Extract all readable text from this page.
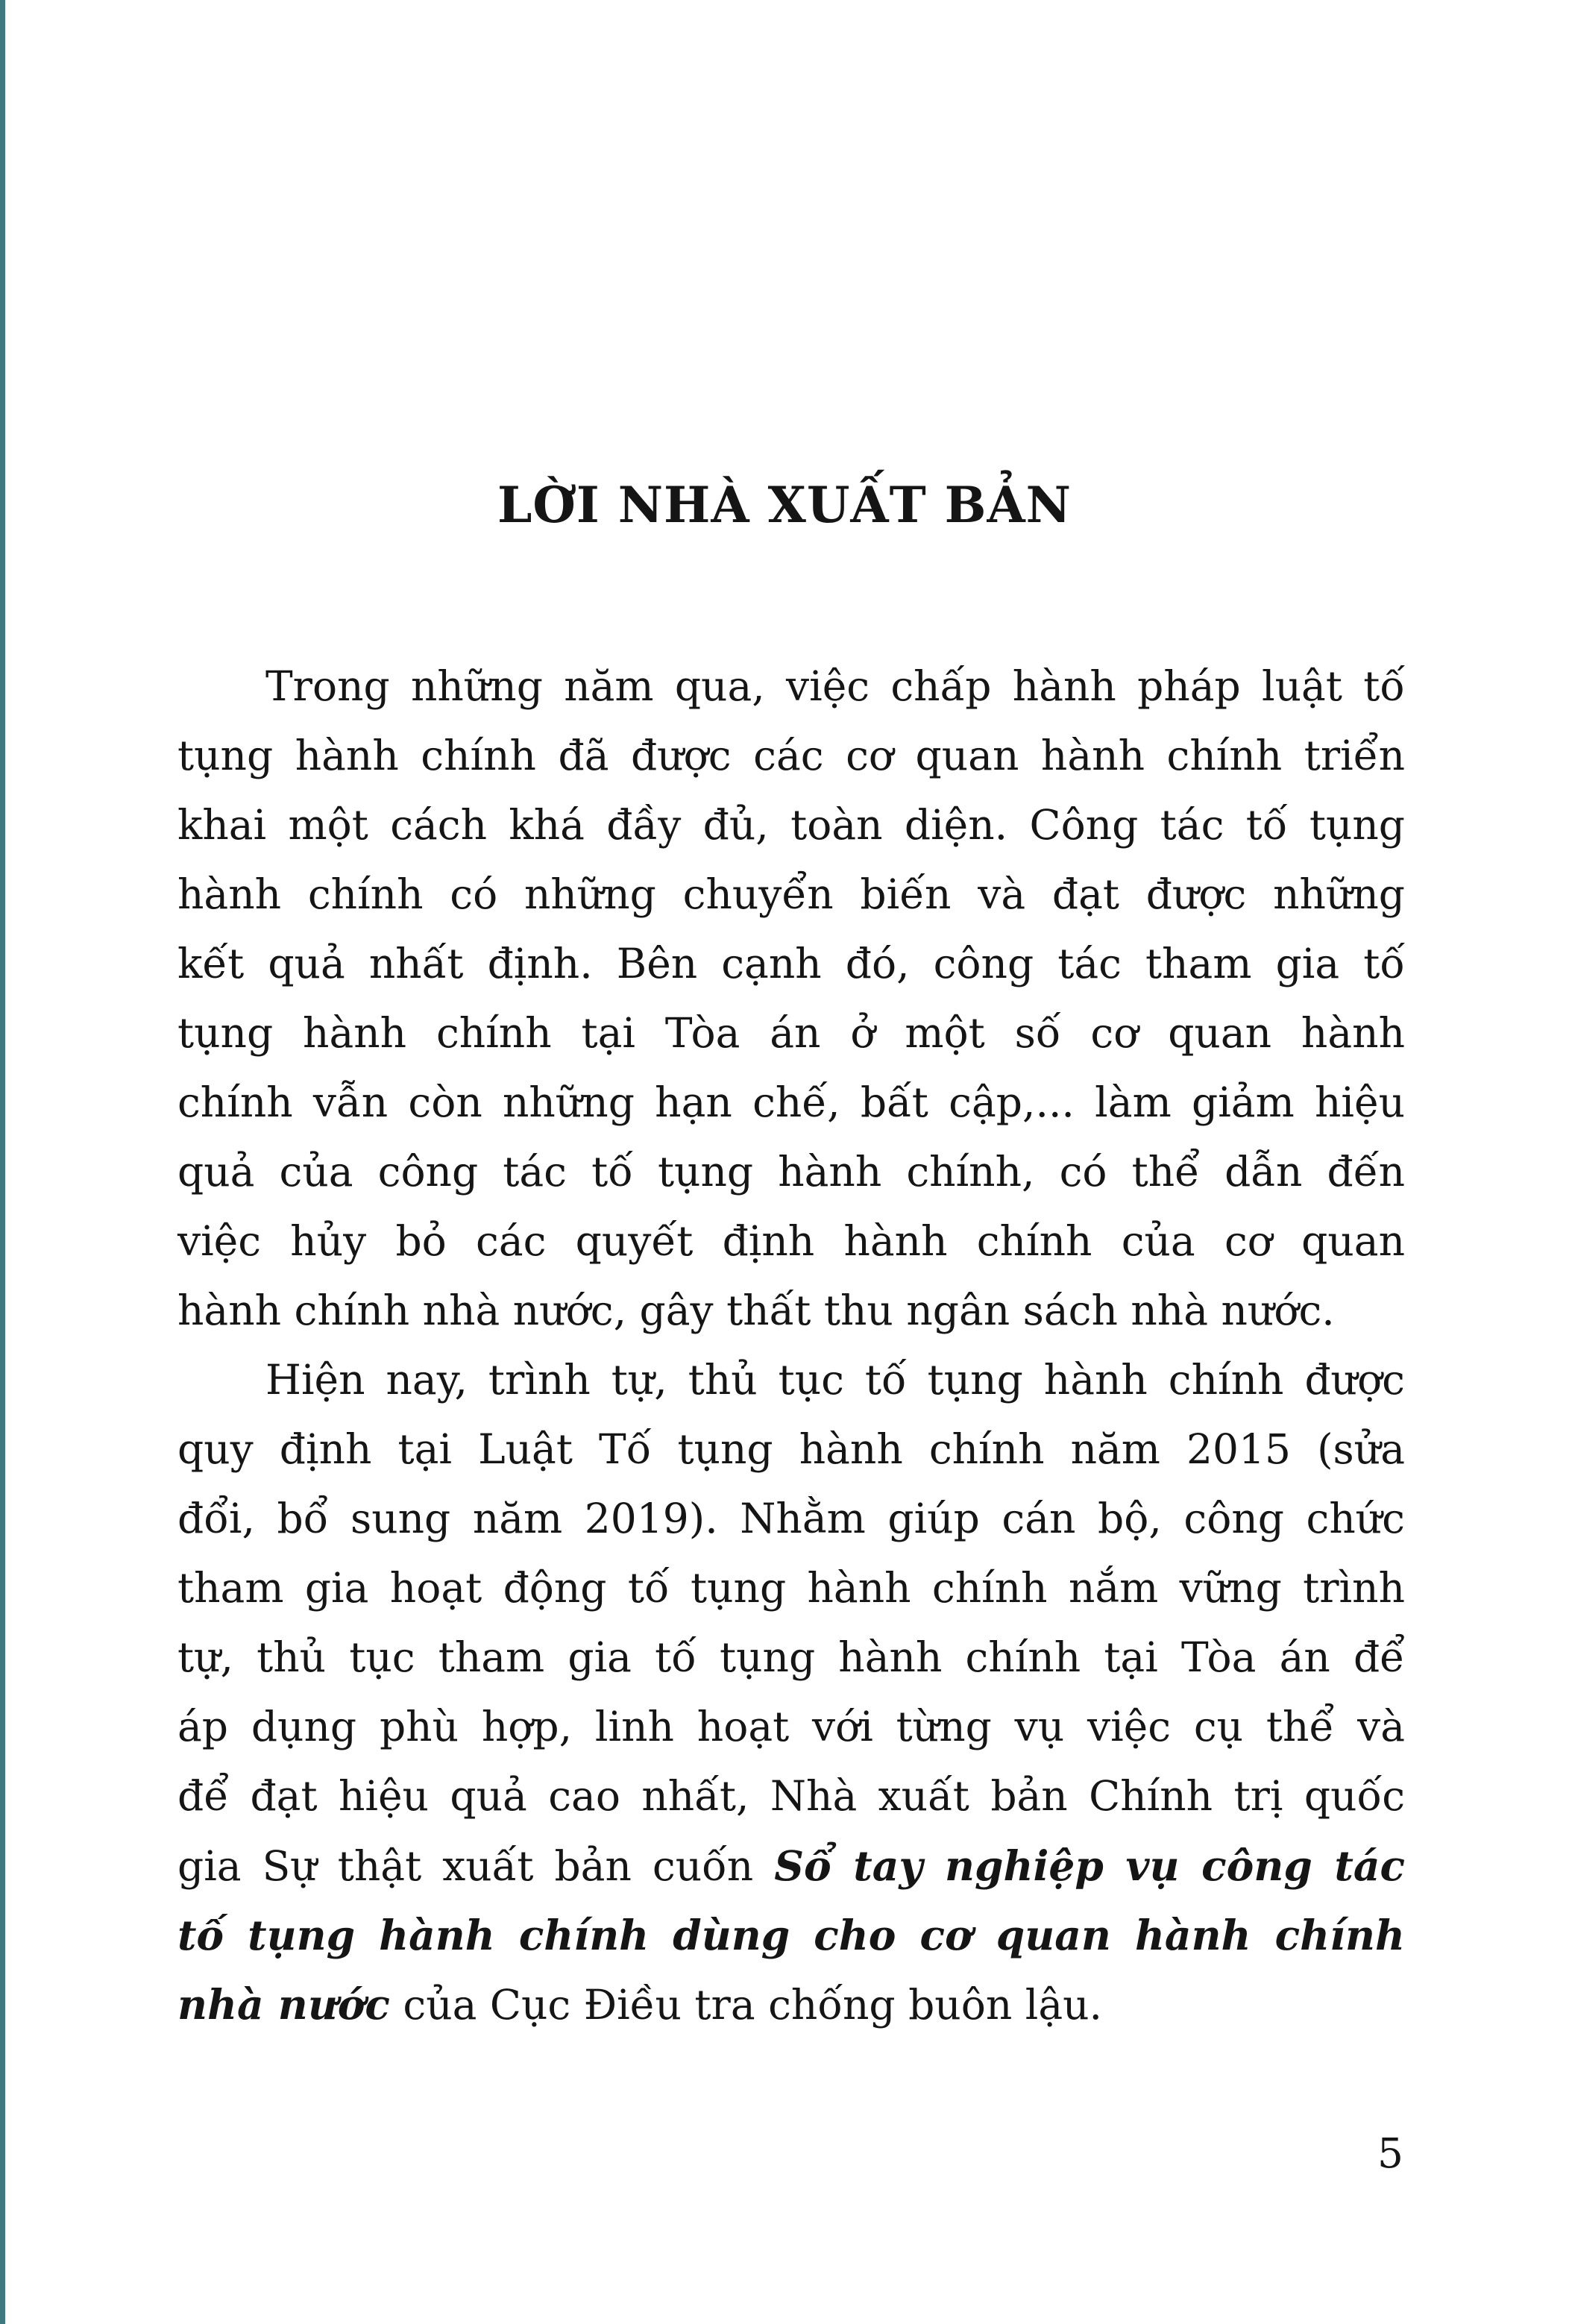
LỜI NHÀ XUẤT BẢN
Trong những năm qua, việc chấp hành pháp luật tố
tụng hành chính đã được các cơ quan hành chính triển
khai một cách khá đầy đủ, toàn diện. Công tác tố tụng
hành chính có những chuyển biến và đạt được những
kết quả nhất định. Bên cạnh đó, công tác tham gia tố
tụng hành chính tại Tòa án ở một số cơ quan hành
chính vẫn còn những hạn chế, bất cập,... làm giảm hiệu
quả của công tác tố tụng hành chính, có thể dẫn đến
việc hủy bỏ các quyết định hành chính của cơ quan
hành chính nhà nước, gây thất thu ngân sách nhà nước.
Hiện nay, trình tự, thủ tục tố tụng hành chính được
quy định tại Luật Tố tụng hành chính năm 2015 (sửa
đổi, bổ sung năm 2019). Nhằm giúp cán bộ, công chức
tham gia hoạt động tố tụng hành chính nắm vững trình
tự, thủ tục tham gia tố tụng hành chính tại Tòa án để
áp dụng phù hợp, linh hoạt với từng vụ việc cụ thể và
để đạt hiệu quả cao nhất, Nhà xuất bản Chính trị quốc
gia Sự thật xuất bản cuốn Sổ tay nghiệp vụ công tác
tố tụng hành chính dùng cho cơ quan hành chính
nhà nước của Cục Điều tra chống buôn lậu.
5
